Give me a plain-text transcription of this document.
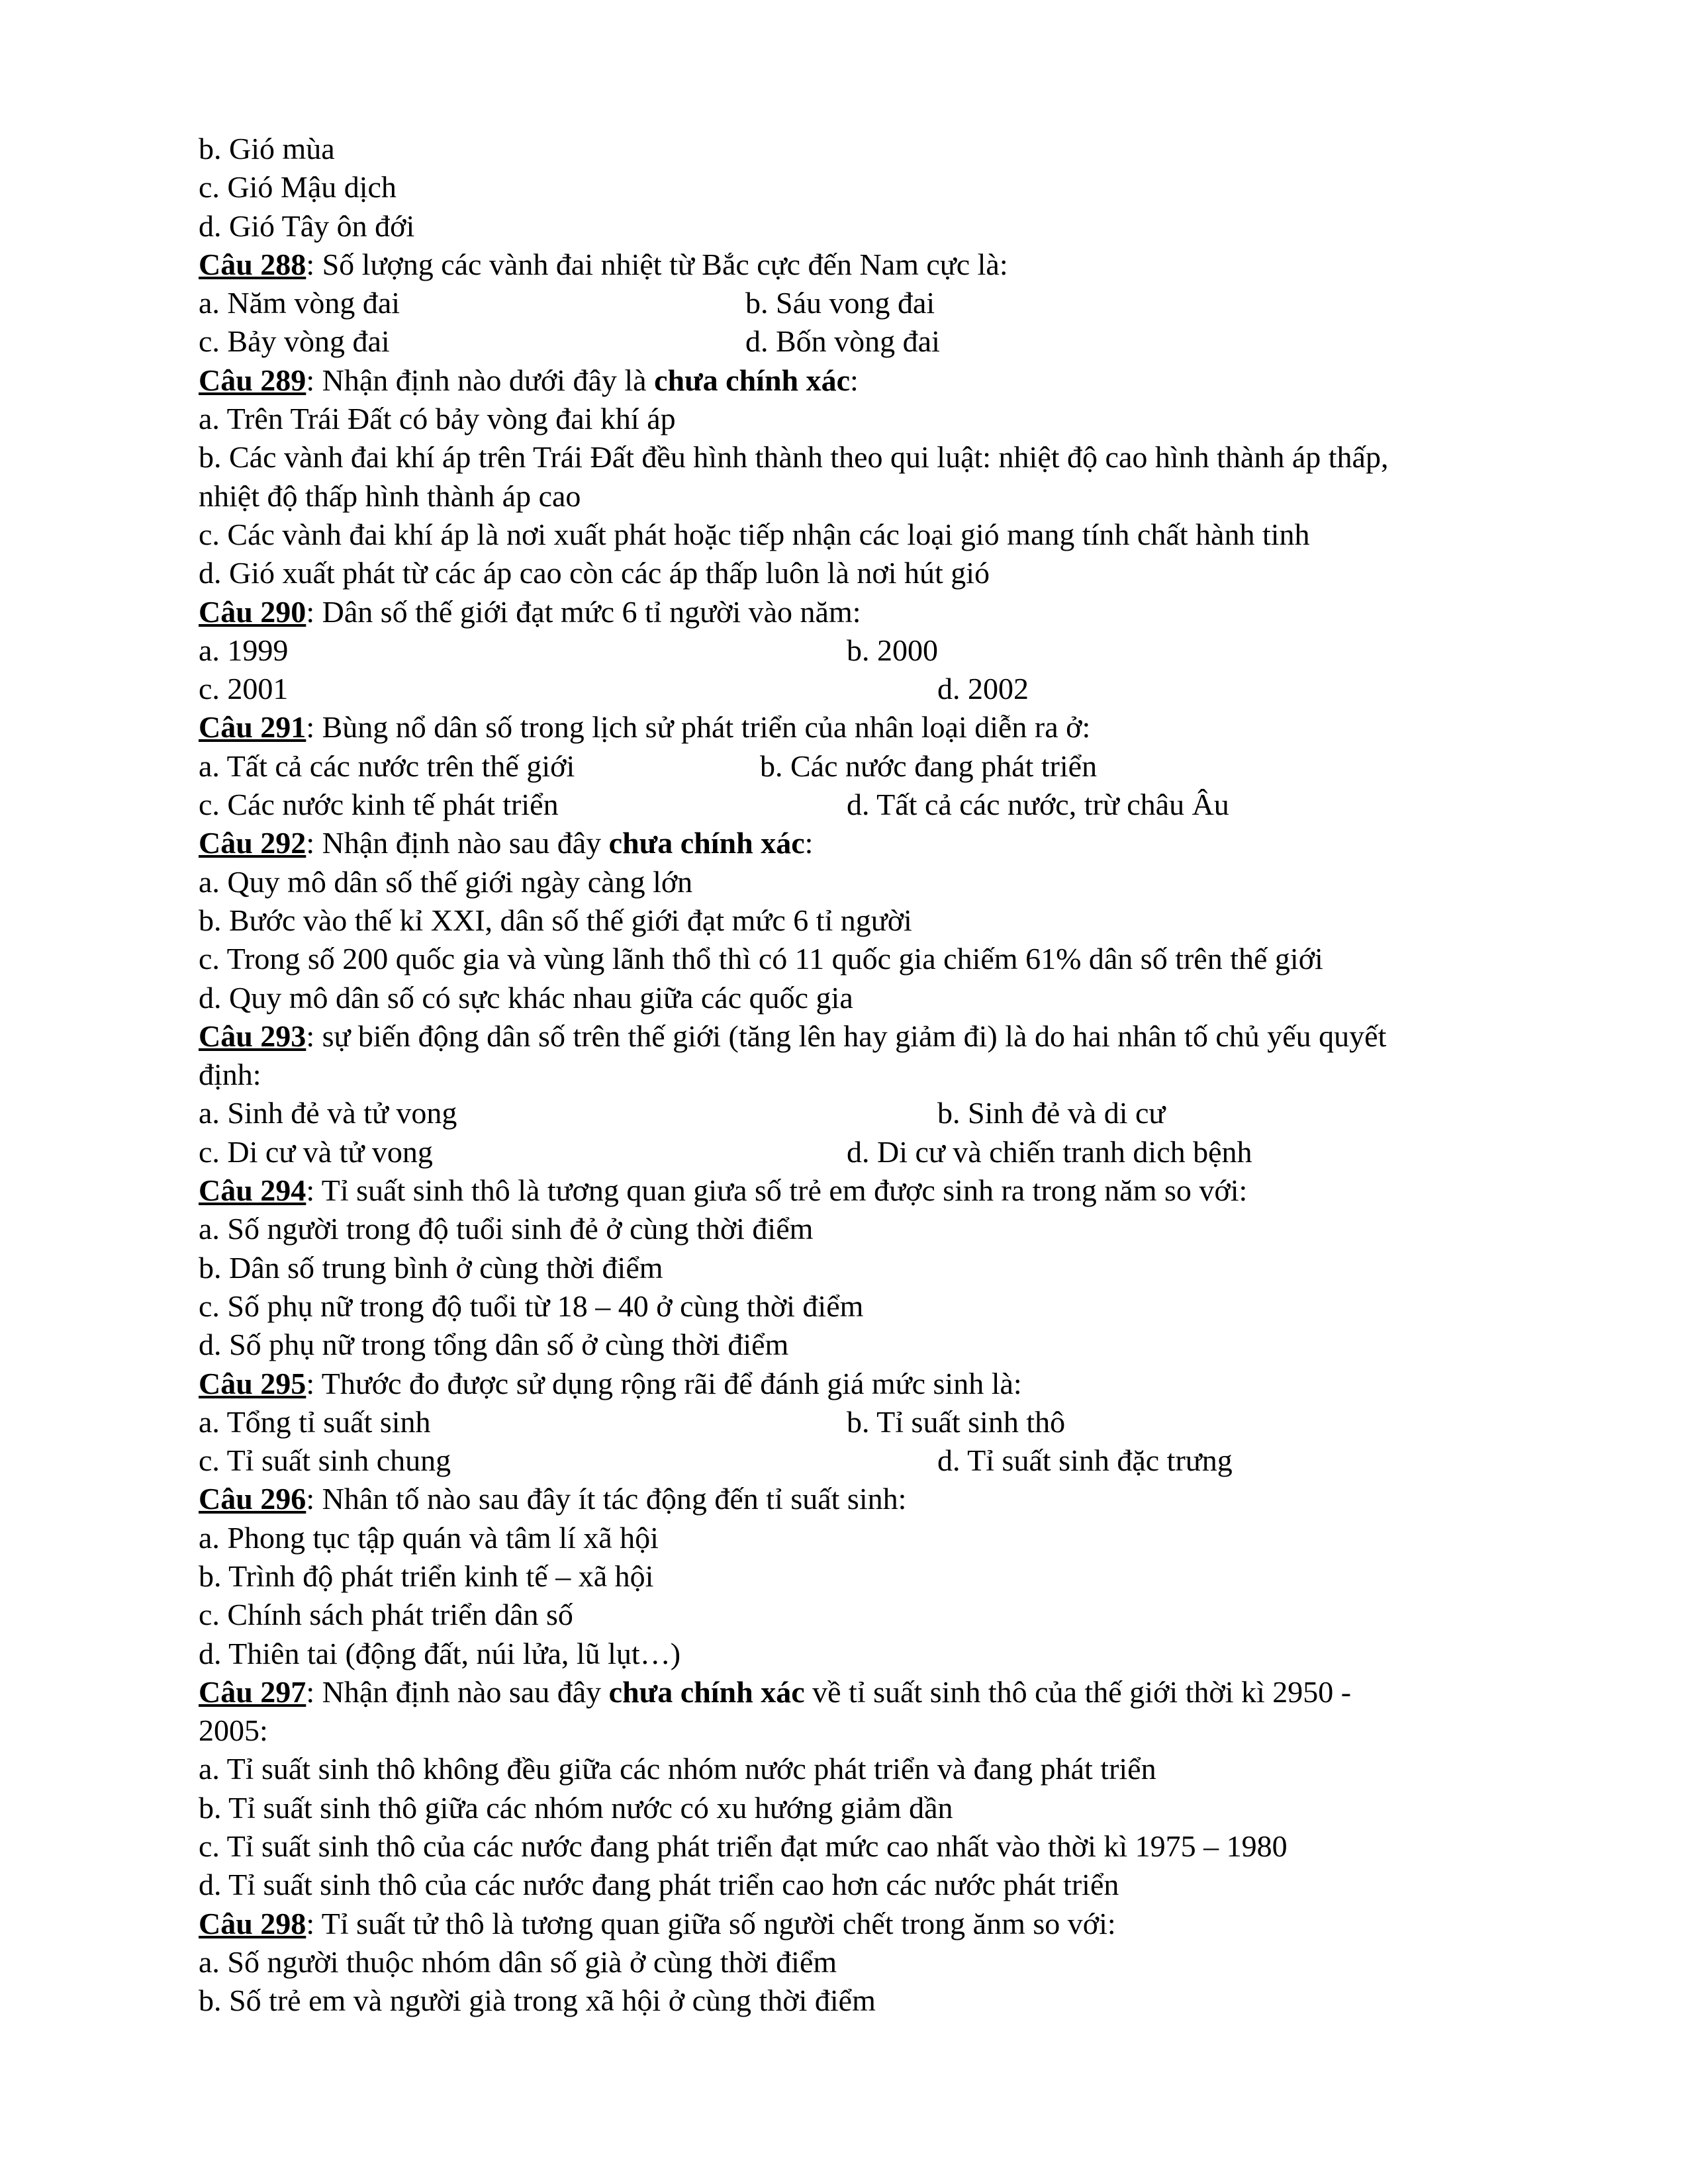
b. Gió mùa
c. Gió Mậu dịch
d. Gió Tây ôn đới
Câu 288: Số lượng các vành đai nhiệt từ Bắc cực đến Nam cực là:
a. Năm vòng đai	b. Sáu vong đai
c. Bảy vòng đai	d. Bốn vòng đai
Câu 289: Nhận định nào dưới đây là chưa chính xác:
a. Trên Trái Đất có bảy vòng đai khí áp
b. Các vành đai khí áp trên Trái Đất đều hình thành theo qui luật: nhiệt độ cao hình thành áp thấp,
nhiệt độ thấp hình thành áp cao
c. Các vành đai khí áp là nơi xuất phát hoặc tiếp nhận các loại gió mang tính chất hành tinh
d. Gió xuất phát từ các áp cao còn các áp thấp luôn là nơi hút gió
Câu 290: Dân số thế giới đạt mức 6 tỉ người vào năm:
a. 1999	b. 2000
c. 2001	d. 2002
Câu 291: Bùng nổ dân số trong lịch sử phát triển của nhân loại diễn ra ở:
a. Tất cả các nước trên thế giới	b. Các nước đang phát triển
c. Các nước kinh tế phát triển	d. Tất cả các nước, trừ châu Âu
Câu 292: Nhận định nào sau đây chưa chính xác:
a. Quy mô dân số thế giới ngày càng lớn
b. Bước vào thế kỉ XXI, dân số thế giới đạt mức 6 tỉ người
c. Trong số 200 quốc gia và vùng lãnh thổ thì có 11 quốc gia chiếm 61% dân số trên thế giới
d. Quy mô dân số có sực khác nhau giữa các quốc gia
Câu 293: sự biến động dân số trên thế giới (tăng lên hay giảm đi) là do hai nhân tố chủ yếu quyết
định:
a. Sinh đẻ và tử vong	b. Sinh đẻ và di cư
c. Di cư và tử vong	d. Di cư và chiến tranh dich bệnh
Câu 294: Tỉ suất sinh thô là tương quan giưa số trẻ em được sinh ra trong năm so với:
a. Số người trong độ tuổi sinh đẻ ở cùng thời điểm
b. Dân số trung bình ở cùng thời điểm
c. Số phụ nữ trong độ tuổi từ 18 – 40 ở cùng thời điểm
d. Số phụ nữ trong tổng dân số ở cùng thời điểm
Câu 295: Thước đo được sử dụng rộng rãi để đánh giá mức sinh là:
a. Tổng tỉ suất sinh	b. Tỉ suất sinh thô
c. Tỉ suất sinh chung	d. Tỉ suất sinh đặc trưng
Câu 296: Nhân tố nào sau đây ít tác động đến tỉ suất sinh:
a. Phong tục tập quán và tâm lí xã hội
b. Trình độ phát triển kinh tế – xã hội
c. Chính sách phát triển dân số
d. Thiên tai (động đất, núi lửa, lũ lụt…)
Câu 297: Nhận định nào sau đây chưa chính xác về tỉ suất sinh thô của thế giới thời kì 2950 -
2005:
a. Tỉ suất sinh thô không đều giữa các nhóm nước phát triển và đang phát triển
b. Tỉ suất sinh thô giữa các nhóm nước có xu hướng giảm dần
c. Tỉ suất sinh thô của các nước đang phát triển đạt mức cao nhất vào thời kì 1975 – 1980
d. Tỉ suất sinh thô của các nước đang phát triển cao hơn các nước phát triển
Câu 298: Tỉ suất tử thô là tương quan giữa số người chết trong ănm so với:
a. Số người thuộc nhóm dân số già ở cùng thời điểm
b. Số trẻ em và người già trong xã hội ở cùng thời điểm
